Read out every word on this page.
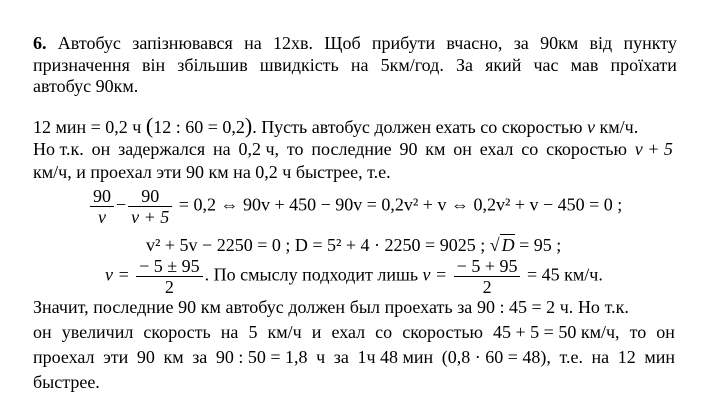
6. Автобус запізнювався на 12хв. Щоб прибути вчасно, за 90км від пункту
призначення він збільшив швидкість на 5км/год. За який час мав проїхати
автобус 90км.
12 мин = 0,2 ч (12 : 60 = 0,2). Пусть автобус должен ехать со скоростью v км/ч.
Но т.к. он задержался на 0,2 ч, то последние 90 км он ехал со скоростью v + 5
км/ч, и проехал эти 90 км на 0,2 ч быстрее, т.е.
$\frac{90}{v} - \frac{90}{v + 5} = 0,2$ ⇔ 90v + 450 − 90v = 0,2v² + v ⇔ 0,2v² + v − 450 = 0 ;
v² + 5v − 2250 = 0 ; D = 5² + 4 · 2250 = 9025 ; √ D = 95 ;
$v = \frac{- 5 \pm 95}{2}$ . По смыслу подходит лишь $v = \frac{- 5 + 95}{2} = 45$ км/ч.
Значит, последние 90 км автобус должен был проехать за 90 : 45 = 2 ч. Но т.к.
он увеличил скорость на 5 км/ч и ехал со скоростью 45 + 5 = 50 км/ч, то он
проехал эти 90 км за 90 : 50 = 1,8 ч за 1ч 48 мин (0,8 · 60 = 48), т.е. на 12 мин
быстрее.
